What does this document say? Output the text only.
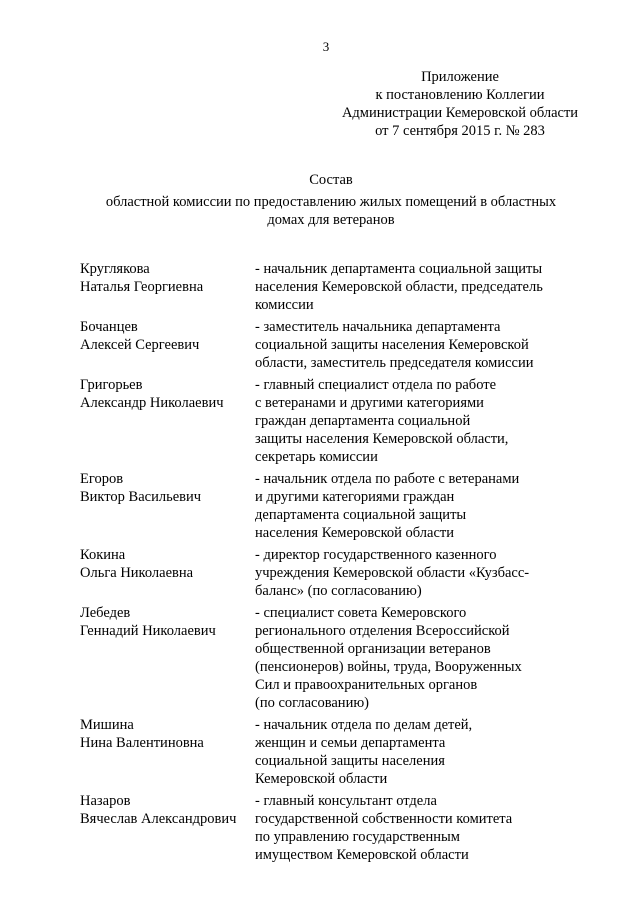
3
Приложение
к постановлению Коллегии
Администрации Кемеровской области
от 7 сентября 2015 г. № 283
Состав
областной комиссии по предоставлению жилых помещений в областных
домах для ветеранов
Круглякова
Наталья Георгиевна
- начальник департамента социальной защиты
населения Кемеровской области, председатель
комиссии
Бочанцев
Алексей Сергеевич
- заместитель начальника департамента
социальной защиты населения Кемеровской
области, заместитель председателя комиссии
Григорьев
Александр Николаевич
- главный специалист отдела по работе
с ветеранами и другими категориями
граждан департамента социальной
защиты населения Кемеровской области,
секретарь комиссии
Егоров
Виктор Васильевич
- начальник отдела по работе с ветеранами
и другими категориями граждан
департамента социальной защиты
населения Кемеровской области
Кокина
Ольга Николаевна
- директор государственного казенного
учреждения Кемеровской области «Кузбасс-
баланс» (по согласованию)
Лебедев
Геннадий Николаевич
- специалист совета Кемеровского
регионального отделения Всероссийской
общественной организации ветеранов
(пенсионеров) войны, труда, Вооруженных
Сил и правоохранительных органов
(по согласованию)
Мишина
Нина Валентиновна
- начальник отдела по делам детей,
женщин и семьи департамента
социальной защиты населения
Кемеровской области
Назаров
Вячеслав Александрович
- главный консультант отдела
государственной собственности комитета
по управлению государственным
имуществом Кемеровской области
